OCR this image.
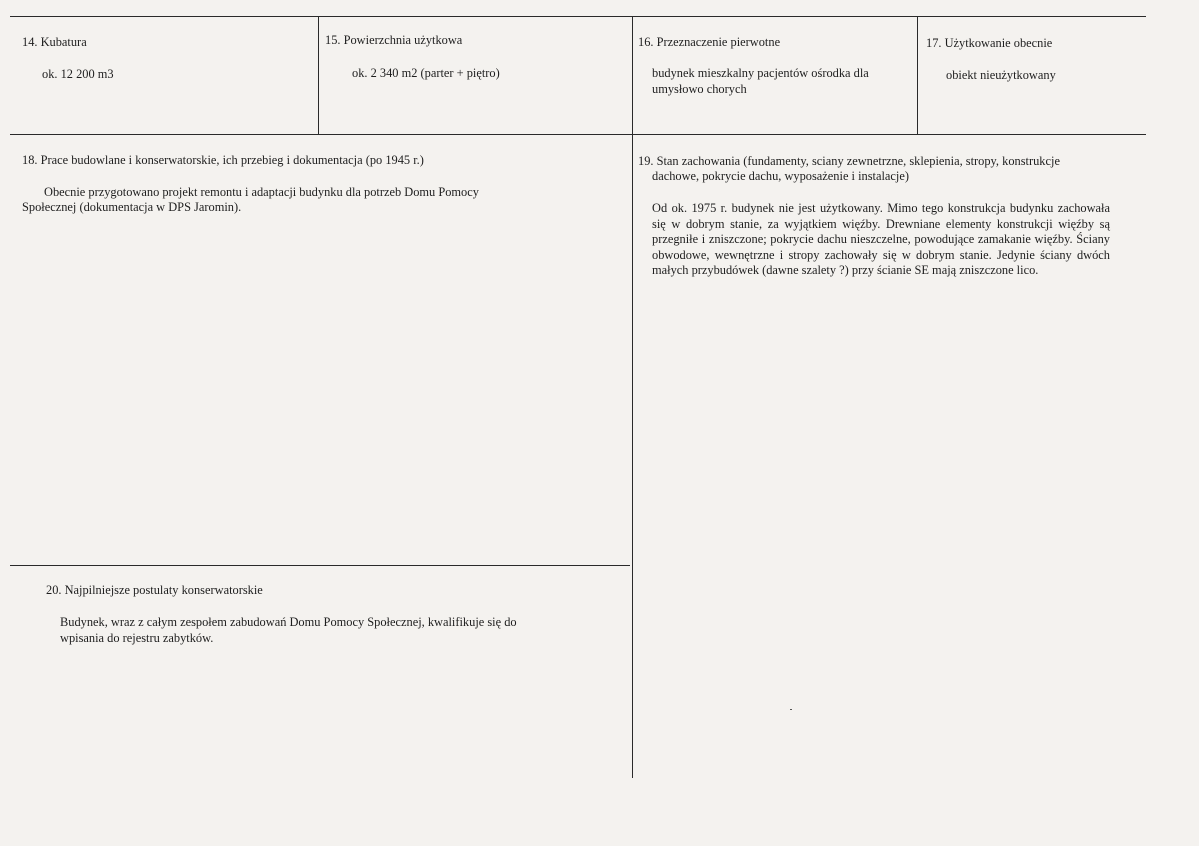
14. Kubatura
ok. 12 200 m3
15. Powierzchnia użytkowa
ok. 2 340 m2 (parter + piętro)
16. Przeznaczenie pierwotne
budynek mieszkalny pacjentów ośrodka dla
umysłowo chorych
17. Użytkowanie obecnie
obiekt nieużytkowany
18. Prace budowlane i konserwatorskie, ich przebieg i dokumentacja (po 1945 r.)
Obecnie przygotowano projekt remontu i adaptacji budynku dla potrzeb Domu Pomocy
Społecznej (dokumentacja w DPS Jaromin).
19. Stan zachowania (fundamenty, sciany zewnetrzne, sklepienia, stropy, konstrukcje
dachowe, pokrycie dachu, wyposażenie i instalacje)
Od ok. 1975 r. budynek nie jest użytkowany. Mimo tego konstrukcja budynku zachowała się w dobrym stanie, za wyjątkiem więźby. Drewniane elementy konstrukcji więźby są przegniłe i zniszczone; pokrycie dachu nieszczelne, powodujące zamakanie więźby. Ściany obwodowe, wewnętrzne i stropy zachowały się w dobrym stanie. Jedynie ściany dwóch małych przybudówek (dawne szalety ?) przy ścianie SE mają zniszczone lico.
20. Najpilniejsze postulaty konserwatorskie
Budynek, wraz z całym zespołem zabudowań Domu Pomocy Społecznej, kwalifikuje się do
wpisania do rejestru zabytków.
